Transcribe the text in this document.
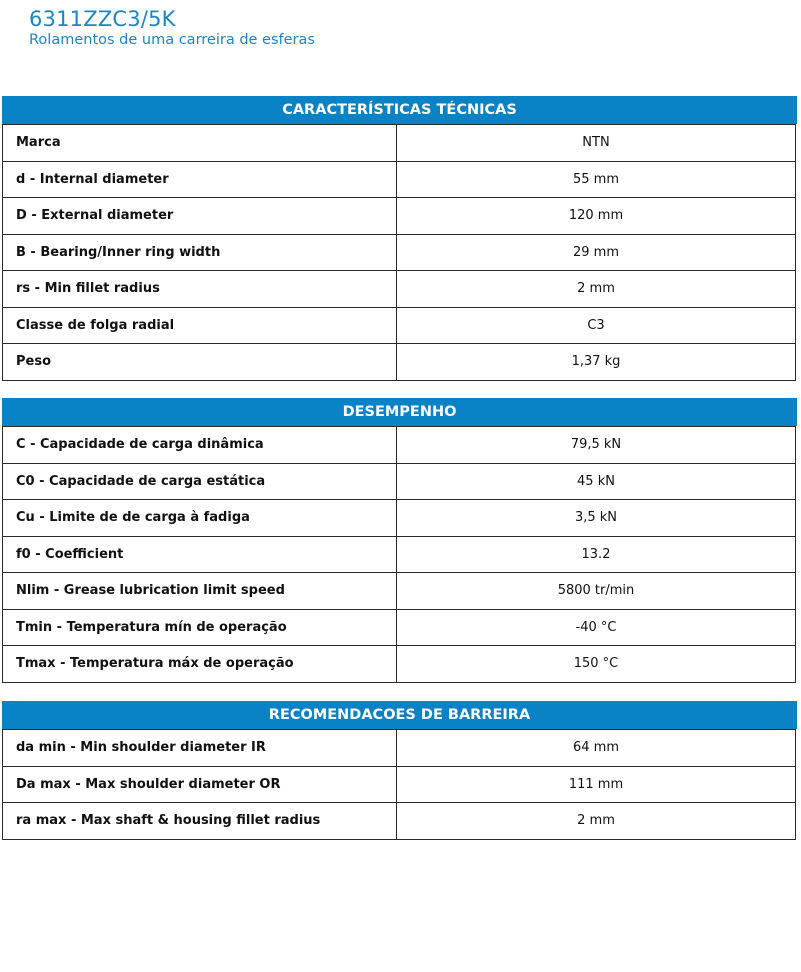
6311ZZC3/5K
Rolamentos de uma carreira de esferas
CARACTERÍSTICAS TÉCNICAS
Marca	NTN
d - Internal diameter	55 mm
D - External diameter	120 mm
B - Bearing/Inner ring width	29 mm
rs - Min fillet radius	2 mm
Classe de folga radial	C3
Peso	1,37 kg
DESEMPENHO
C - Capacidade de carga dinâmica	79,5 kN
C0 - Capacidade de carga estática	45 kN
Cu - Limite de de carga à fadiga	3,5 kN
f0 - Coefficient	13.2
Nlim - Grease lubrication limit speed	5800 tr/min
Tmin - Temperatura mín de operação	-40 °C
Tmax - Temperatura máx de operação	150 °C
RECOMENDACOES DE BARREIRA
da min - Min shoulder diameter IR	64 mm
Da max - Max shoulder diameter OR	111 mm
ra max - Max shaft & housing fillet radius	2 mm
